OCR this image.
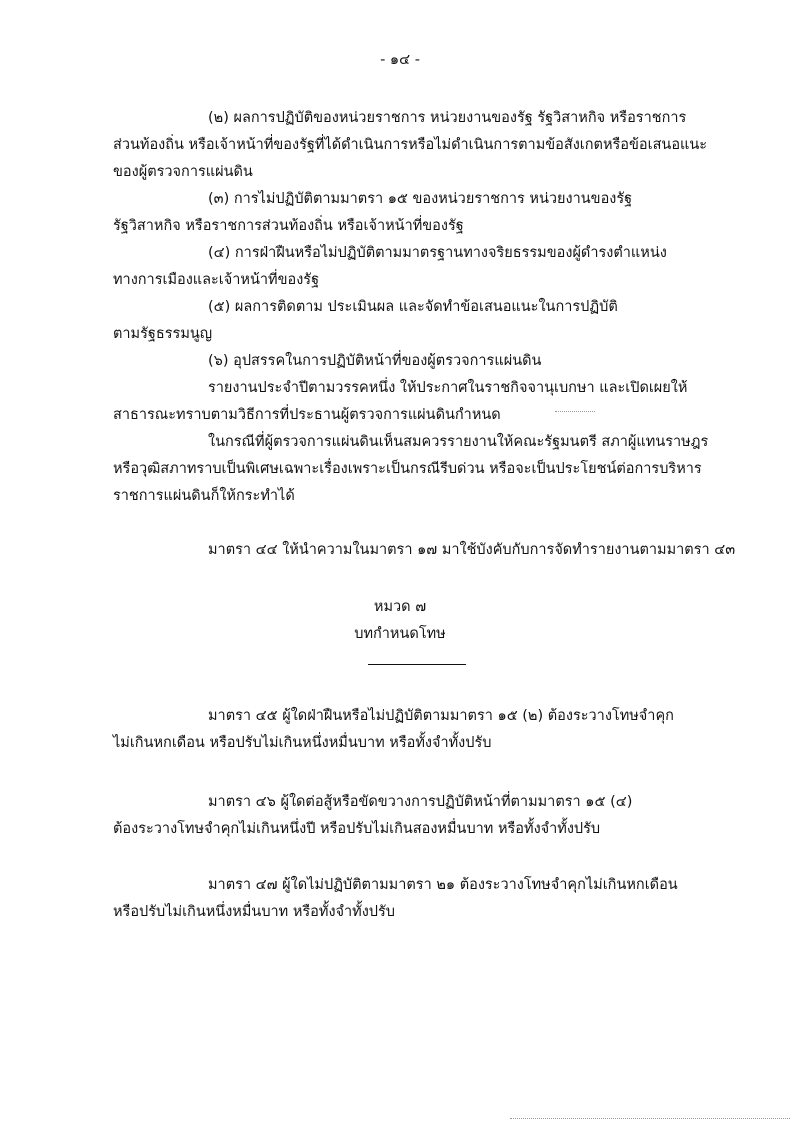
- ๑๔ -
(๒) ผลการปฏิบัติของหน่วยราชการ หน่วยงานของรัฐ รัฐวิสาหกิจ หรือราชการ
ส่วนท้องถิ่น หรือเจ้าหน้าที่ของรัฐที่ได้ดำเนินการหรือไม่ดำเนินการตามข้อสังเกตหรือข้อเสนอแนะ
ของผู้ตรวจการแผ่นดิน
(๓) การไม่ปฏิบัติตามมาตรา ๑๕ ของหน่วยราชการ หน่วยงานของรัฐ
รัฐวิสาหกิจ หรือราชการส่วนท้องถิ่น หรือเจ้าหน้าที่ของรัฐ
(๔) การฝ่าฝืนหรือไม่ปฏิบัติตามมาตรฐานทางจริยธรรมของผู้ดำรงตำแหน่ง
ทางการเมืองและเจ้าหน้าที่ของรัฐ
(๕) ผลการติดตาม ประเมินผล และจัดทำข้อเสนอแนะในการปฏิบัติ
ตามรัฐธรรมนูญ
(๖) อุปสรรคในการปฏิบัติหน้าที่ของผู้ตรวจการแผ่นดิน
รายงานประจำปีตามวรรคหนึ่ง ให้ประกาศในราชกิจจานุเบกษา และเปิดเผยให้
สาธารณะทราบตามวิธีการที่ประธานผู้ตรวจการแผ่นดินกำหนด
ในกรณีที่ผู้ตรวจการแผ่นดินเห็นสมควรรายงานให้คณะรัฐมนตรี สภาผู้แทนราษฎร
หรือวุฒิสภาทราบเป็นพิเศษเฉพาะเรื่องเพราะเป็นกรณีรีบด่วน หรือจะเป็นประโยชน์ต่อการบริหาร
ราชการแผ่นดินก็ให้กระทำได้
มาตรา ๔๔ ให้นำความในมาตรา ๑๗ มาใช้บังคับกับการจัดทำรายงานตามมาตรา ๔๓
หมวด ๗
บทกำหนดโทษ
มาตรา ๔๕ ผู้ใดฝ่าฝืนหรือไม่ปฏิบัติตามมาตรา ๑๕ (๒) ต้องระวางโทษจำคุก
ไม่เกินหกเดือน หรือปรับไม่เกินหนึ่งหมื่นบาท หรือทั้งจำทั้งปรับ
มาตรา ๔๖ ผู้ใดต่อสู้หรือขัดขวางการปฏิบัติหน้าที่ตามมาตรา ๑๕ (๔)
ต้องระวางโทษจำคุกไม่เกินหนึ่งปี หรือปรับไม่เกินสองหมื่นบาท หรือทั้งจำทั้งปรับ
มาตรา ๔๗ ผู้ใดไม่ปฏิบัติตามมาตรา ๒๑ ต้องระวางโทษจำคุกไม่เกินหกเดือน
หรือปรับไม่เกินหนึ่งหมื่นบาท หรือทั้งจำทั้งปรับ
